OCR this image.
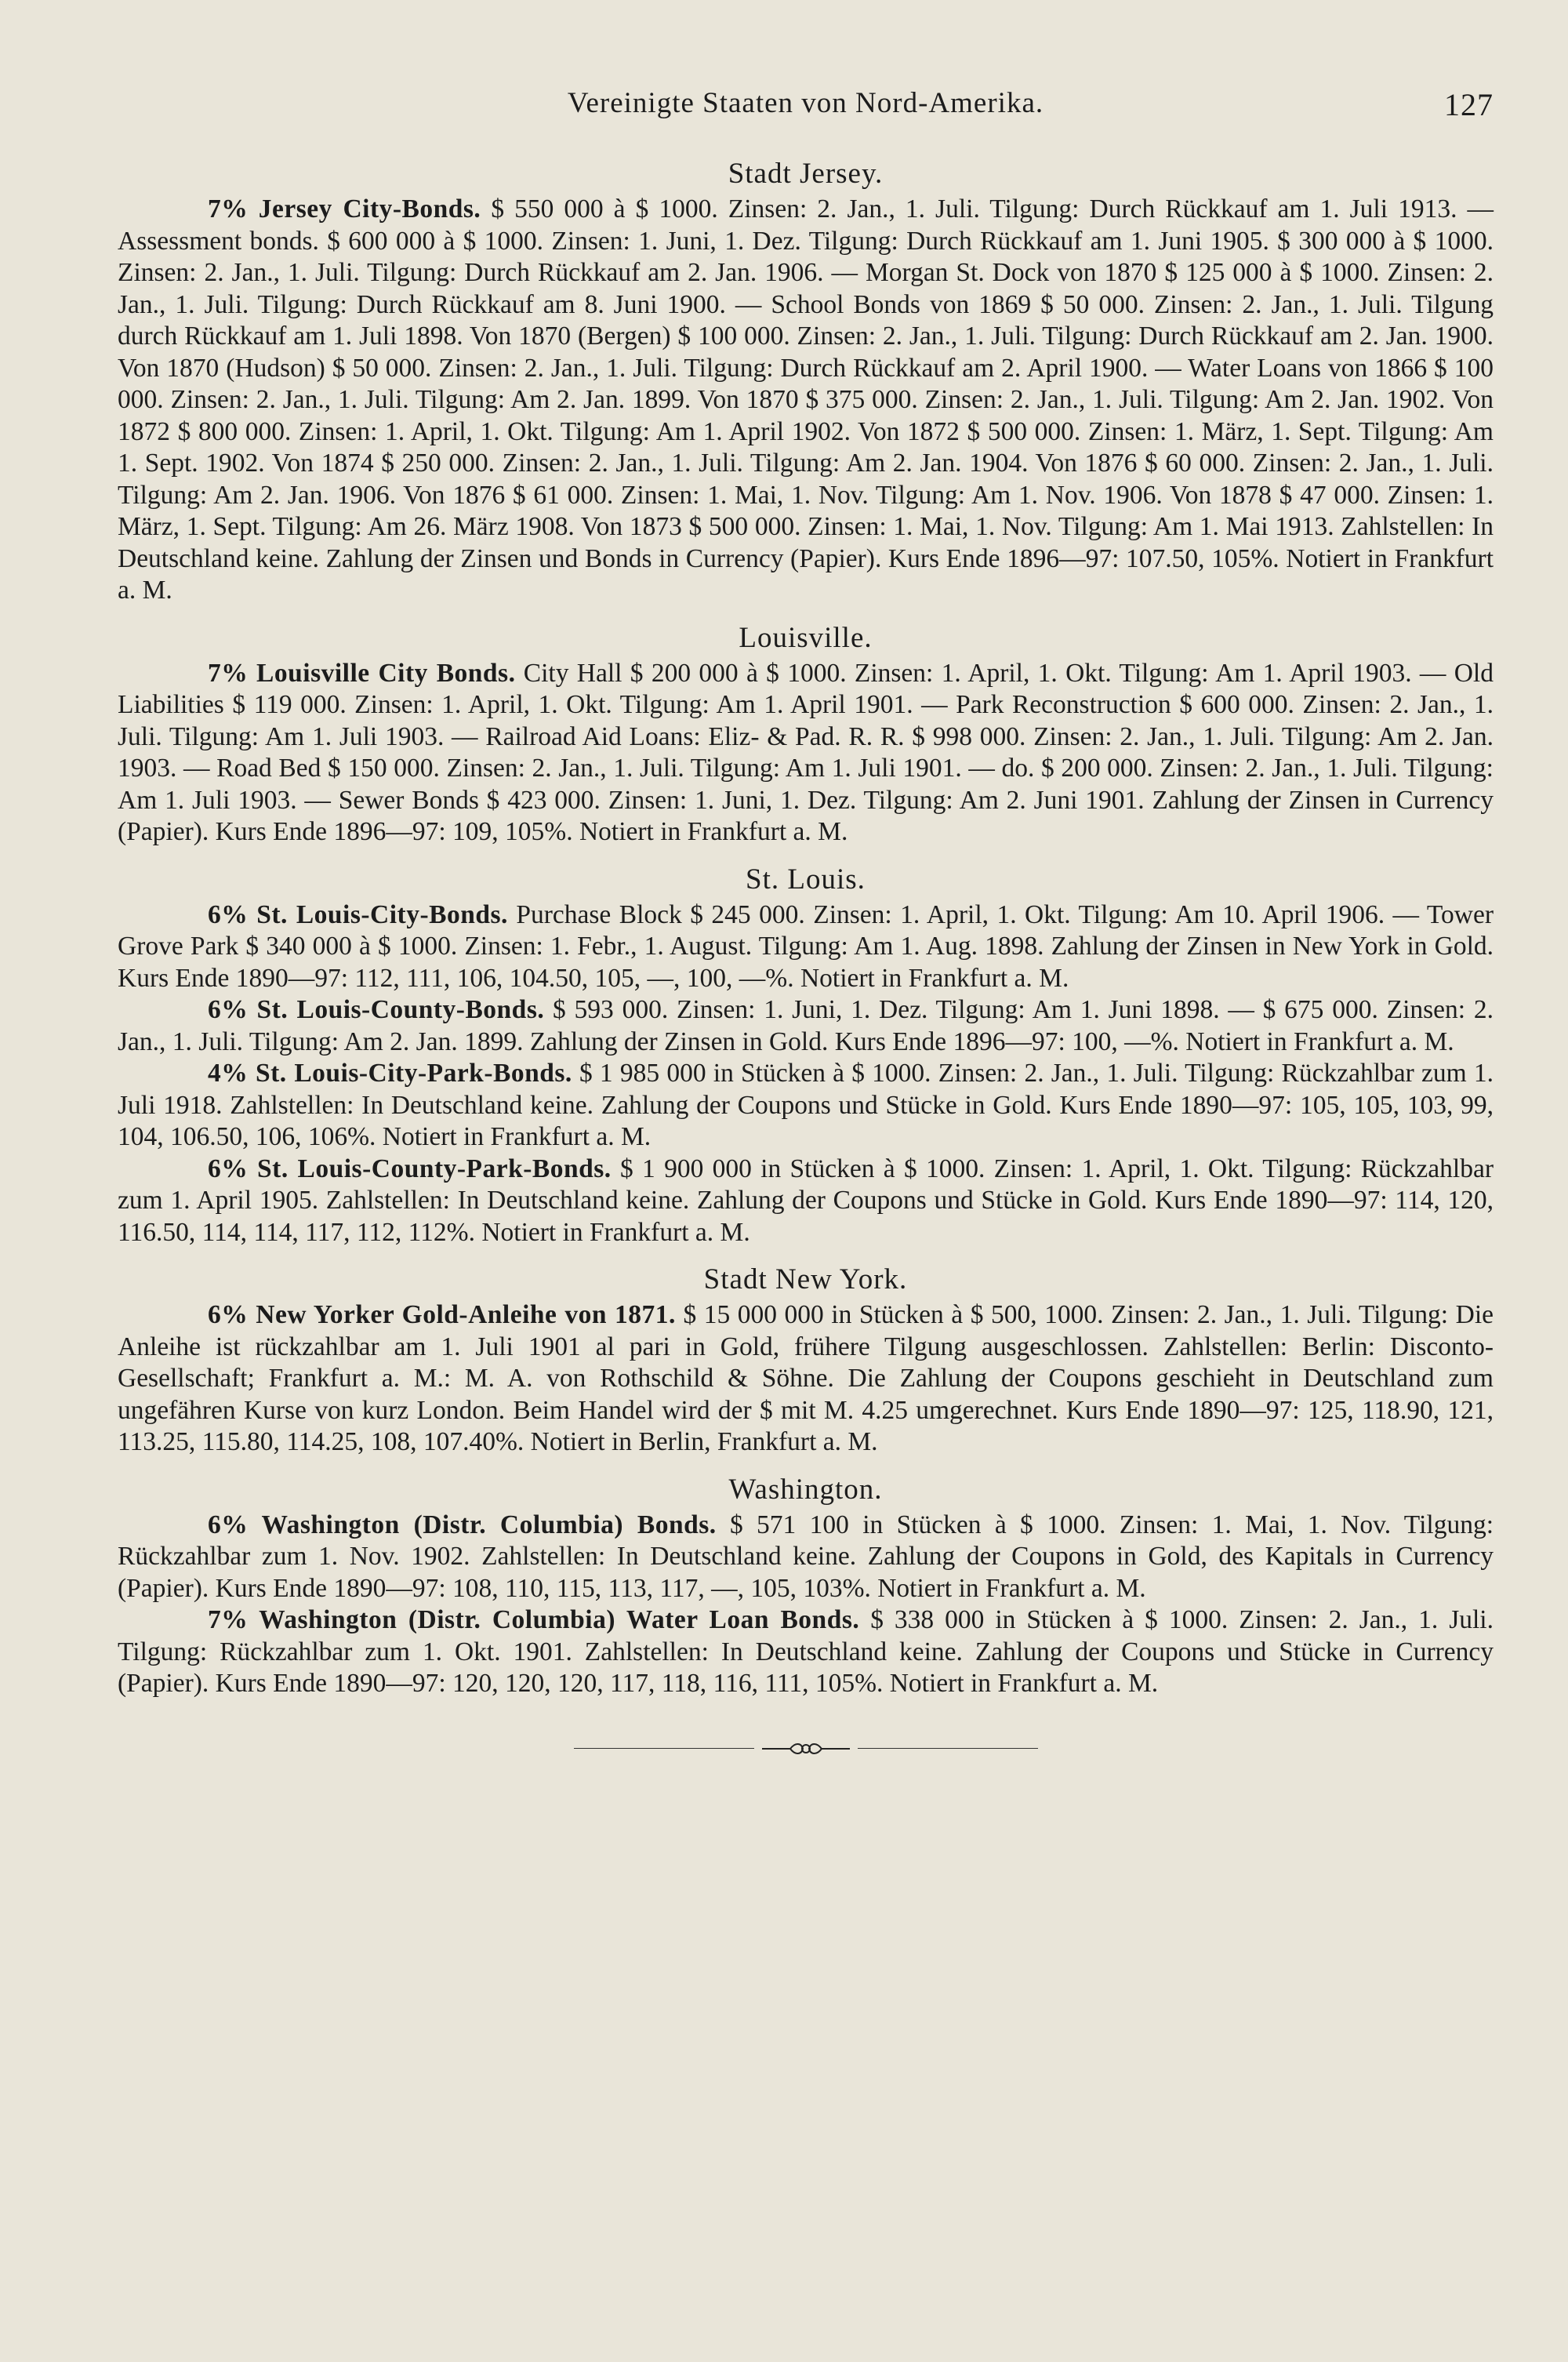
Vereinigte Staaten von Nord-Amerika.	127
Stadt Jersey.

7% Jersey City-Bonds. $ 550 000 à $ 1000. Zinsen: 2. Jan., 1. Juli. Tilgung: Durch Rückkauf am 1. Juli 1913. — Assessment bonds. $ 600 000 à $ 1000. Zinsen: 1. Juni, 1. Dez. Tilgung: Durch Rückkauf am 1. Juni 1905. $ 300 000 à $ 1000. Zinsen: 2. Jan., 1. Juli. Tilgung: Durch Rückkauf am 2. Jan. 1906. — Morgan St. Dock von 1870 $ 125 000 à $ 1000. Zinsen: 2. Jan., 1. Juli. Tilgung: Durch Rückkauf am 8. Juni 1900. — School Bonds von 1869 $ 50 000. Zinsen: 2. Jan., 1. Juli. Tilgung durch Rückkauf am 1. Juli 1898. Von 1870 (Bergen) $ 100 000. Zinsen: 2. Jan., 1. Juli. Tilgung: Durch Rückkauf am 2. Jan. 1900. Von 1870 (Hudson) $ 50 000. Zinsen: 2. Jan., 1. Juli. Tilgung: Durch Rückkauf am 2. April 1900. — Water Loans von 1866 $ 100 000. Zinsen: 2. Jan., 1. Juli. Tilgung: Am 2. Jan. 1899. Von 1870 $ 375 000. Zinsen: 2. Jan., 1. Juli. Tilgung: Am 2. Jan. 1902. Von 1872 $ 800 000. Zinsen: 1. April, 1. Okt. Tilgung: Am 1. April 1902. Von 1872 $ 500 000. Zinsen: 1. März, 1. Sept. Tilgung: Am 1. Sept. 1902. Von 1874 $ 250 000. Zinsen: 2. Jan., 1. Juli. Tilgung: Am 2. Jan. 1904. Von 1876 $ 60 000. Zinsen: 2. Jan., 1. Juli. Tilgung: Am 2. Jan. 1906. Von 1876 $ 61 000. Zinsen: 1. Mai, 1. Nov. Tilgung: Am 1. Nov. 1906. Von 1878 $ 47 000. Zinsen: 1. März, 1. Sept. Tilgung: Am 26. März 1908. Von 1873 $ 500 000. Zinsen: 1. Mai, 1. Nov. Tilgung: Am 1. Mai 1913. Zahlstellen: In Deutschland keine. Zahlung der Zinsen und Bonds in Currency (Papier). Kurs Ende 1896—97: 107.50, 105%. Notiert in Frankfurt a. M.

Louisville.

7% Louisville City Bonds. City Hall $ 200 000 à $ 1000. Zinsen: 1. April, 1. Okt. Tilgung: Am 1. April 1903. — Old Liabilities $ 119 000. Zinsen: 1. April, 1. Okt. Tilgung: Am 1. April 1901. — Park Reconstruction $ 600 000. Zinsen: 2. Jan., 1. Juli. Tilgung: Am 1. Juli 1903. — Railroad Aid Loans: Eliz- & Pad. R. R. $ 998 000. Zinsen: 2. Jan., 1. Juli. Tilgung: Am 2. Jan. 1903. — Road Bed $ 150 000. Zinsen: 2. Jan., 1. Juli. Tilgung: Am 1. Juli 1901. — do. $ 200 000. Zinsen: 2. Jan., 1. Juli. Tilgung: Am 1. Juli 1903. — Sewer Bonds $ 423 000. Zinsen: 1. Juni, 1. Dez. Tilgung: Am 2. Juni 1901. Zahlung der Zinsen in Currency (Papier). Kurs Ende 1896—97: 109, 105%. Notiert in Frankfurt a. M.

St. Louis.

6% St. Louis-City-Bonds. Purchase Block $ 245 000. Zinsen: 1. April, 1. Okt. Tilgung: Am 10. April 1906. — Tower Grove Park $ 340 000 à $ 1000. Zinsen: 1. Febr., 1. August. Tilgung: Am 1. Aug. 1898. Zahlung der Zinsen in New York in Gold. Kurs Ende 1890—97: 112, 111, 106, 104.50, 105, —, 100, —%. Notiert in Frankfurt a. M.

6% St. Louis-County-Bonds. $ 593 000. Zinsen: 1. Juni, 1. Dez. Tilgung: Am 1. Juni 1898. — $ 675 000. Zinsen: 2. Jan., 1. Juli. Tilgung: Am 2. Jan. 1899. Zahlung der Zinsen in Gold. Kurs Ende 1896—97: 100, —%. Notiert in Frankfurt a. M.

4% St. Louis-City-Park-Bonds. $ 1 985 000 in Stücken à $ 1000. Zinsen: 2. Jan., 1. Juli. Tilgung: Rückzahlbar zum 1. Juli 1918. Zahlstellen: In Deutschland keine. Zahlung der Coupons und Stücke in Gold. Kurs Ende 1890—97: 105, 105, 103, 99, 104, 106.50, 106, 106%. Notiert in Frankfurt a. M.

6% St. Louis-County-Park-Bonds. $ 1 900 000 in Stücken à $ 1000. Zinsen: 1. April, 1. Okt. Tilgung: Rückzahlbar zum 1. April 1905. Zahlstellen: In Deutschland keine. Zahlung der Coupons und Stücke in Gold. Kurs Ende 1890—97: 114, 120, 116.50, 114, 114, 117, 112, 112%. Notiert in Frankfurt a. M.

Stadt New York.

6% New Yorker Gold-Anleihe von 1871. $ 15 000 000 in Stücken à $ 500, 1000. Zinsen: 2. Jan., 1. Juli. Tilgung: Die Anleihe ist rückzahlbar am 1. Juli 1901 al pari in Gold, frühere Tilgung ausgeschlossen. Zahlstellen: Berlin: Disconto-Gesellschaft; Frankfurt a. M.: M. A. von Rothschild & Söhne. Die Zahlung der Coupons geschieht in Deutschland zum ungefähren Kurse von kurz London. Beim Handel wird der $ mit M. 4.25 umgerechnet. Kurs Ende 1890—97: 125, 118.90, 121, 113.25, 115.80, 114.25, 108, 107.40%. Notiert in Berlin, Frankfurt a. M.

Washington.

6% Washington (Distr. Columbia) Bonds. $ 571 100 in Stücken à $ 1000. Zinsen: 1. Mai, 1. Nov. Tilgung: Rückzahlbar zum 1. Nov. 1902. Zahlstellen: In Deutschland keine. Zahlung der Coupons in Gold, des Kapitals in Currency (Papier). Kurs Ende 1890—97: 108, 110, 115, 113, 117, —, 105, 103%. Notiert in Frankfurt a. M.

7% Washington (Distr. Columbia) Water Loan Bonds. $ 338 000 in Stücken à $ 1000. Zinsen: 2. Jan., 1. Juli. Tilgung: Rückzahlbar zum 1. Okt. 1901. Zahlstellen: In Deutschland keine. Zahlung der Coupons und Stücke in Currency (Papier). Kurs Ende 1890—97: 120, 120, 120, 117, 118, 116, 111, 105%. Notiert in Frankfurt a. M.
